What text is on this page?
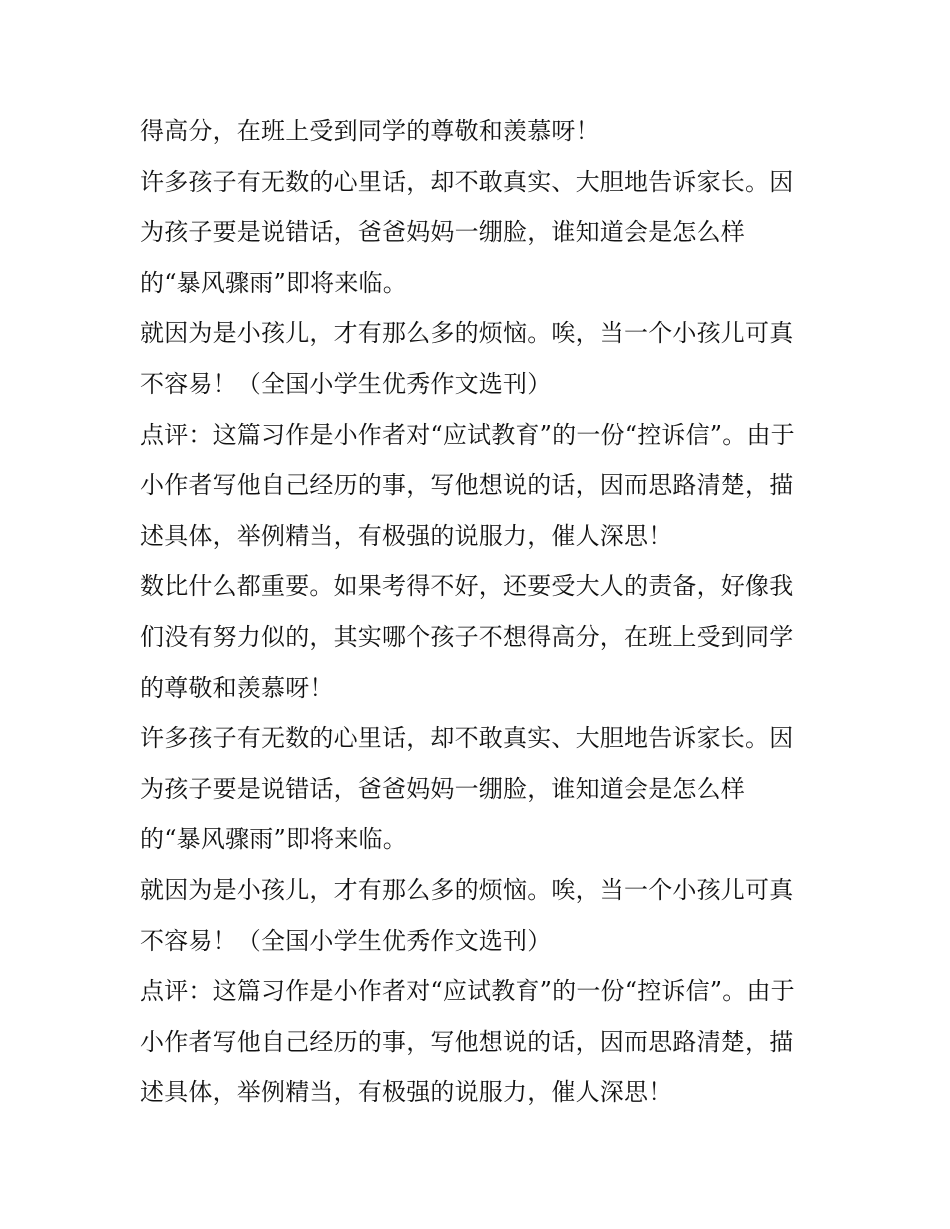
得高分，在班上受到同学的尊敬和羡慕呀！
许多孩子有无数的心里话，却不敢真实、大胆地告诉家长。因
为孩子要是说错话，爸爸妈妈一绷脸，谁知道会是怎么样
的“暴风骤雨”即将来临。
就因为是小孩儿，才有那么多的烦恼。唉，当一个小孩儿可真
不容易！（全国小学生优秀作文选刊）
点评：这篇习作是小作者对“应试教育”的一份“控诉信”。由于
小作者写他自己经历的事，写他想说的话，因而思路清楚，描
述具体，举例精当，有极强的说服力，催人深思！
数比什么都重要。如果考得不好，还要受大人的责备，好像我
们没有努力似的，其实哪个孩子不想得高分，在班上受到同学
的尊敬和羡慕呀！
许多孩子有无数的心里话，却不敢真实、大胆地告诉家长。因
为孩子要是说错话，爸爸妈妈一绷脸，谁知道会是怎么样
的“暴风骤雨”即将来临。
就因为是小孩儿，才有那么多的烦恼。唉，当一个小孩儿可真
不容易！（全国小学生优秀作文选刊）
点评：这篇习作是小作者对“应试教育”的一份“控诉信”。由于
小作者写他自己经历的事，写他想说的话，因而思路清楚，描
述具体，举例精当，有极强的说服力，催人深思！
